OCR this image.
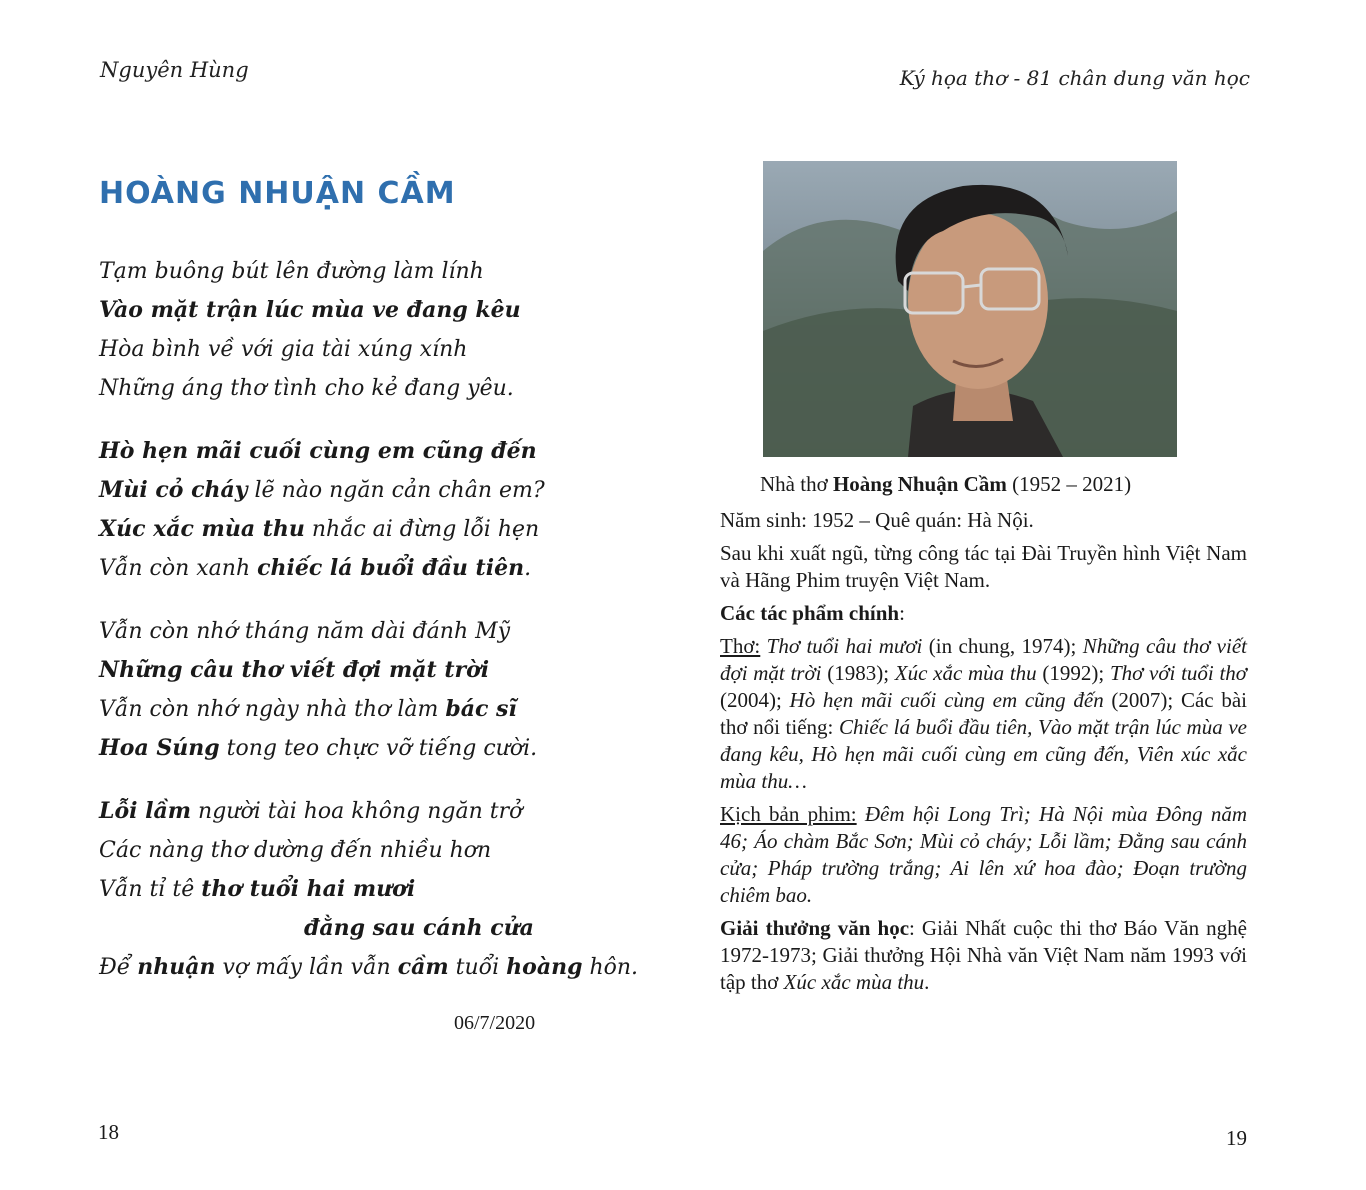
Nguyên Hùng	Ký họa thơ - 81 chân dung văn học
HOÀNG NHUẬN CẦM
Tạm buông bút lên đường làm lính
Vào mặt trận lúc mùa ve đang kêu
Hòa bình về với gia tài xúng xính
Những áng thơ tình cho kẻ đang yêu.
Hò hẹn mãi cuối cùng em cũng đến
Mùi cỏ cháy lẽ nào ngăn cản chân em?
Xúc xắc mùa thu nhắc ai đừng lỗi hẹn
Vẫn còn xanh chiếc lá buổi đầu tiên.
Vẫn còn nhớ tháng năm dài đánh Mỹ
Những câu thơ viết đợi mặt trời
Vẫn còn nhớ ngày nhà thơ làm bác sĩ
Hoa Súng tong teo chực vỡ tiếng cười.
Lỗi lầm người tài hoa không ngăn trở
Các nàng thơ dường đến nhiều hơn
Vẫn tỉ tê thơ tuổi hai mươi
đằng sau cánh cửa
Để nhuận vợ mấy lần vẫn cầm tuổi hoàng hôn.
06/7/2020
18	19
Nhà thơ Hoàng Nhuận Cầm (1952 – 2021)

Năm sinh: 1952 – Quê quán: Hà Nội.

Sau khi xuất ngũ, từng công tác tại Đài Truyền hình Việt Nam và Hãng Phim truyện Việt Nam.

Các tác phẩm chính:

Thơ: Thơ tuổi hai mươi (in chung, 1974); Những câu thơ viết đợi mặt trời (1983); Xúc xắc mùa thu (1992); Thơ với tuổi thơ (2004); Hò hẹn mãi cuối cùng em cũng đến (2007); Các bài thơ nổi tiếng: Chiếc lá buổi đầu tiên, Vào mặt trận lúc mùa ve đang kêu, Hò hẹn mãi cuối cùng em cũng đến, Viên xúc xắc mùa thu…

Kịch bản phim: Đêm hội Long Trì; Hà Nội mùa Đông năm 46; Áo chàm Bắc Sơn; Mùi cỏ cháy; Lỗi lầm; Đằng sau cánh cửa; Pháp trường trắng; Ai lên xứ hoa đào; Đoạn trường chiêm bao.

Giải thưởng văn học: Giải Nhất cuộc thi thơ Báo Văn nghệ 1972-1973; Giải thưởng Hội Nhà văn Việt Nam năm 1993 với tập thơ Xúc xắc mùa thu.
